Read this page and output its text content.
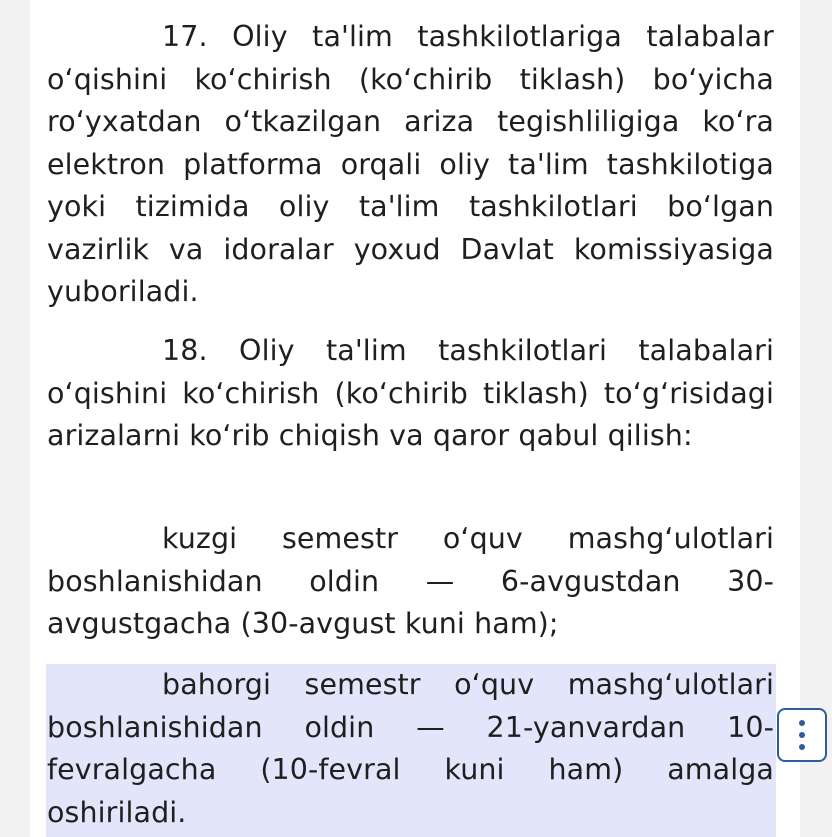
17. Oliy ta'lim tashkilotlariga talabalar oʻqishini koʻchirish (koʻchirib tiklash) boʻyicha roʻyxatdan oʻtkazilgan ariza tegishliligiga koʻra elektron platforma orqali oliy ta'lim tashkilotiga yoki tizimida oliy ta'lim tashkilotlari boʻlgan vazirlik va idoralar yoxud Davlat komissiyasiga yuboriladi.

18. Oliy ta'lim tashkilotlari talabalari oʻqishini koʻchirish (koʻchirib tiklash) toʻgʻrisidagi arizalarni koʻrib chiqish va qaror qabul qilish:

kuzgi semestr oʻquv mashgʻulotlari boshlanishidan oldin — 6-avgustdan 30-avgustgacha (30-avgust kuni ham);

bahorgi semestr oʻquv mashgʻulotlari boshlanishidan oldin — 21-yanvardan 10-fevralgacha (10-fevral kuni ham) amalga oshiriladi.
